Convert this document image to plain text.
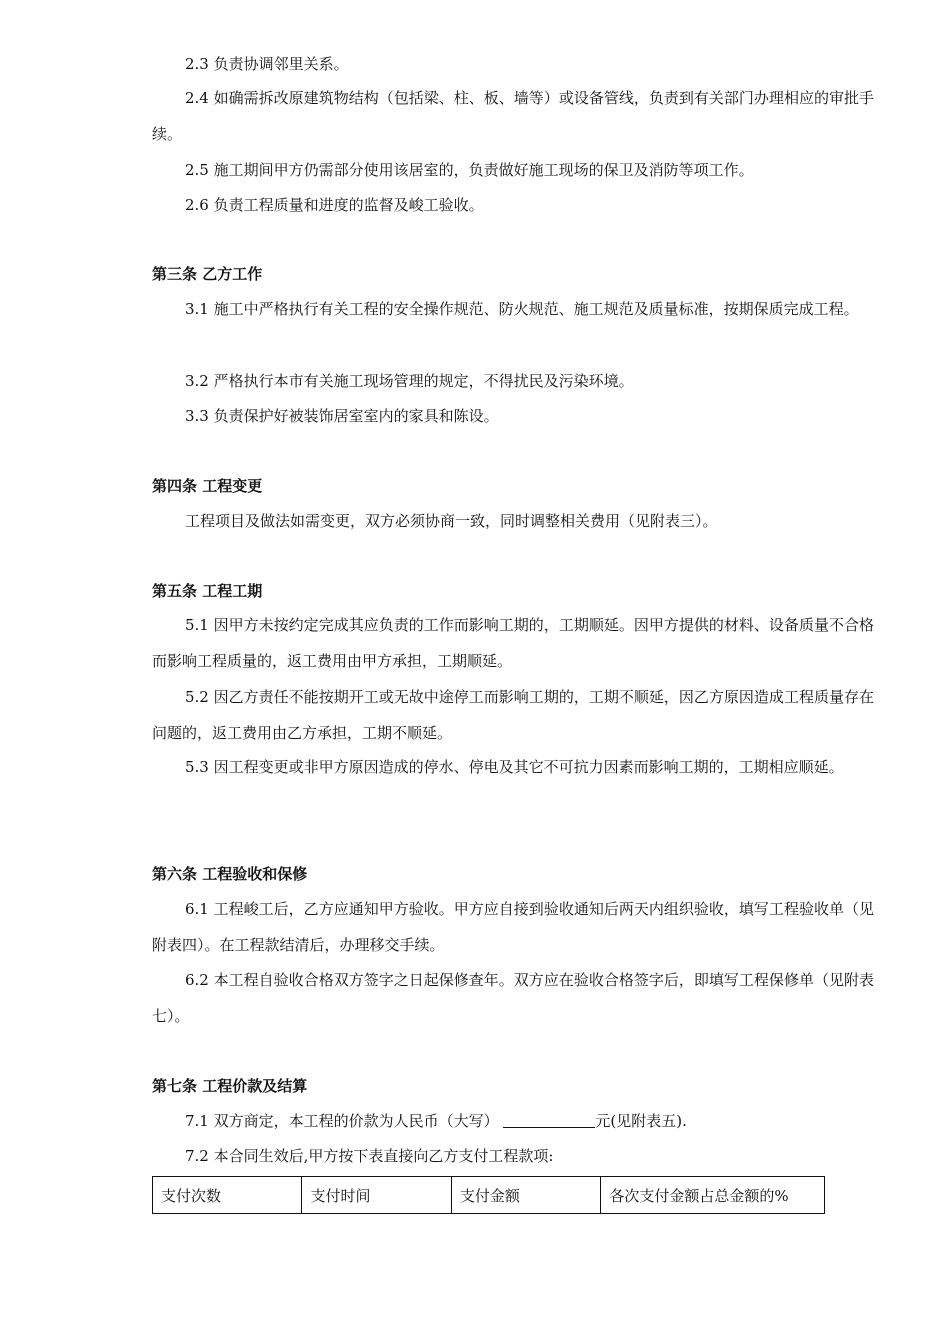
2.3 负责协调邻里关系。

2.4 如确需拆改原建筑物结构（包括梁、柱、板、墙等）或设备管线，负责到有关部门办理相应的审批手续。

2.5 施工期间甲方仍需部分使用该居室的，负责做好施工现场的保卫及消防等项工作。
2.6 负责工程质量和进度的监督及峻工验收。
第三条 乙方工作

3.1 施工中严格执行有关工程的安全操作规范、防火规范、施工规范及质量标准，按期保质完成工程。

3.2 严格执行本市有关施工现场管理的规定，不得扰民及污染环境。
3.3 负责保护好被装饰居室室内的家具和陈设。
第四条 工程变更
工程项目及做法如需变更，双方必须协商一致，同时调整相关费用（见附表三）。
第五条 工程工期

5.1 因甲方未按约定完成其应负责的工作而影响工期的，工期顺延。因甲方提供的材料、设备质量不合格而影响工程质量的，返工费用由甲方承担，工期顺延。

5.2 因乙方责任不能按期开工或无故中途停工而影响工期的，工期不顺延，因乙方原因造成工程质量存在问题的，返工费用由乙方承担，工期不顺延。

5.3 因工程变更或非甲方原因造成的停水、停电及其它不可抗力因素而影响工期的，工期相应顺延。

第六条 工程验收和保修

6.1 工程峻工后，乙方应通知甲方验收。甲方应自接到验收通知后两天内组织验收，填写工程验收单（见附表四）。在工程款结清后，办理移交手续。

6.2 本工程自验收合格双方签字之日起保修查年。双方应在验收合格签字后，即填写工程保修单（见附表七）。

第七条 工程价款及结算
7.1 双方商定，本工程的价款为人民币（大写）	元(见附表五).
7.2 本合同生效后,甲方按下表直接向乙方支付工程款项:
支付次数	支付时间	支付金额	各次支付金额占总金额的%
